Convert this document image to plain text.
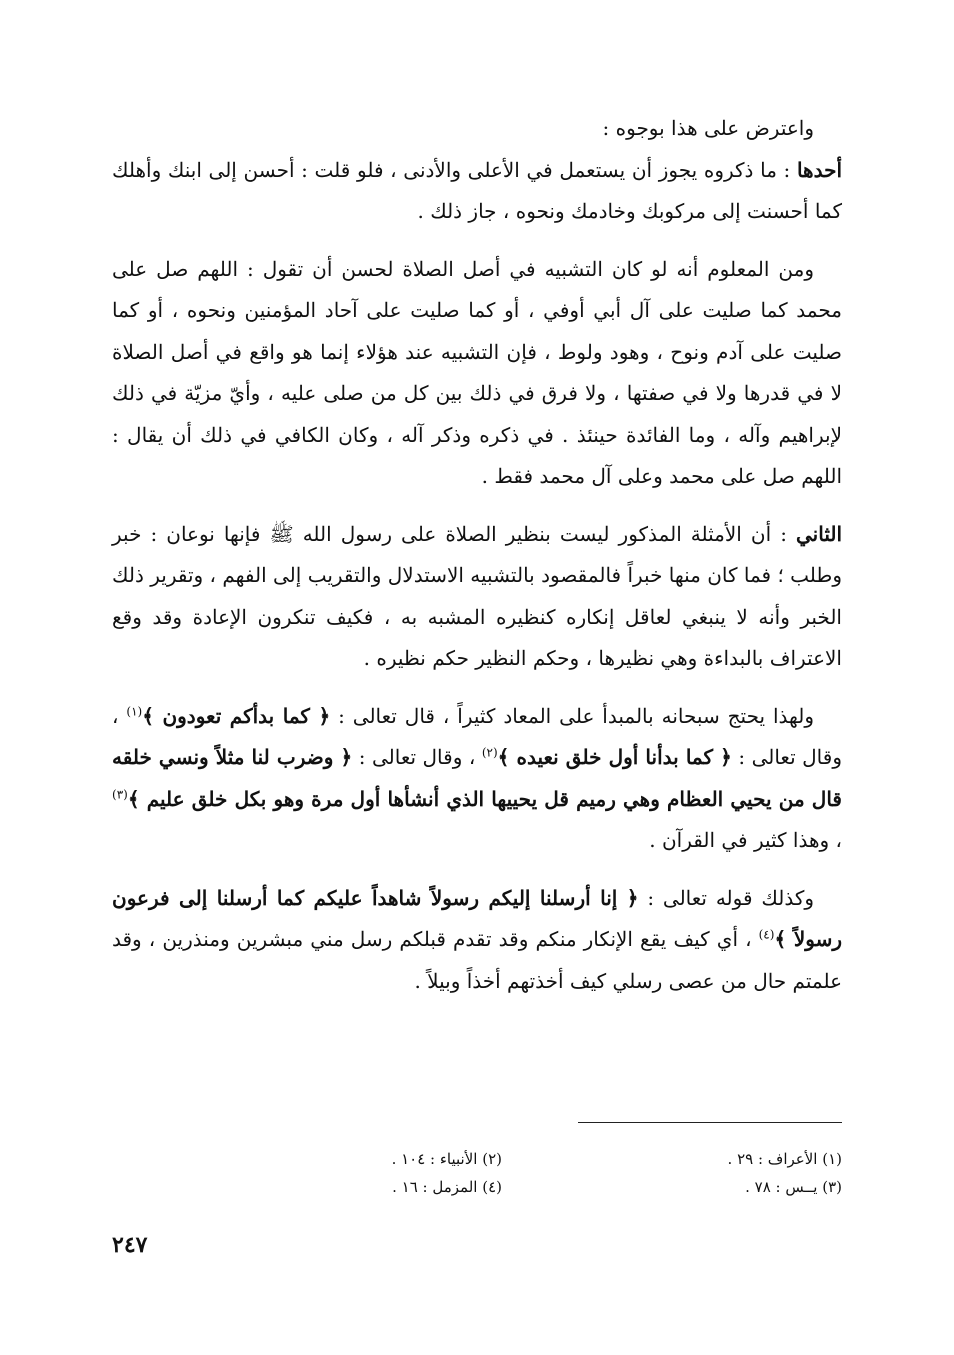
واعترض على هذا بوجوه :

أحدها : ما ذكروه يجوز أن يستعمل في الأعلى والأدنى ، فلو قلت : أحسن إلى ابنك وأهلك كما أحسنت إلى مركوبك وخادمك ونحوه ، جاز ذلك .

ومن المعلوم أنه لو كان التشبيه في أصل الصلاة لحسن أن تقول : اللهم صل على محمد كما صليت على آل أبي أوفي ، أو كما صليت على آحاد المؤمنين ونحوه ، أو كما صليت على آدم ونوح ، وهود ولوط ، فإن التشبيه عند هؤلاء إنما هو واقع في أصل الصلاة لا في قدرها ولا في صفتها ، ولا فرق في ذلك بين كل من صلى عليه ، وأيّ مزيّة في ذلك لإبراهيم وآله ، وما الفائدة حينئذ . في ذكره وذكر آله ، وكان الكافي في ذلك أن يقال : اللهم صل على محمد وعلى آل محمد فقط .

الثاني : أن الأمثلة المذكور ليست بنظير الصلاة على رسول الله ﷺ فإنها نوعان : خبر وطلب ؛ فما كان منها خبراً فالمقصود بالتشبيه الاستدلال والتقريب إلى الفهم ، وتقرير ذلك الخبر وأنه لا ينبغي لعاقل إنكاره كنظيره المشبه به ، فكيف تنكرون الإعادة وقد وقع الاعتراف بالبداءة وهي نظيرها ، وحكم النظير حكم نظيره .

ولهذا يحتج سبحانه بالمبدأ على المعاد كثيراً ، قال تعالى : ﴿ كما بدأكم تعودون ﴾$^{(١)}$ ، وقال تعالى : ﴿ كما بدأنا أول خلق نعيده ﴾$^{(٢)}$ ، وقال تعالى : ﴿ وضرب لنا مثلاً ونسي خلقه قال من يحيي العظام وهي رميم قل يحييها الذي أنشأها أول مرة وهو بكل خلق عليم ﴾$^{(٣)}$ ، وهذا كثير في القرآن .

وكذلك قوله تعالى : ﴿ إنا أرسلنا إليكم رسولاً شاهداً عليكم كما أرسلنا إلى فرعون رسولاً ﴾$^{(٤)}$ ، أي كيف يقع الإنكار منكم وقد تقدم قبلكم رسل مني مبشرين ومنذرين ، وقد علمتم حال من عصى رسلي كيف أخذتهم أخذاً وبيلاً .

(١) الأعراف : ٢٩ .
(٢) الأنبياء : ١٠٤ .
(٣) يــس : ٧٨ .
(٤) المزمل : ١٦ .
٢٤٧
